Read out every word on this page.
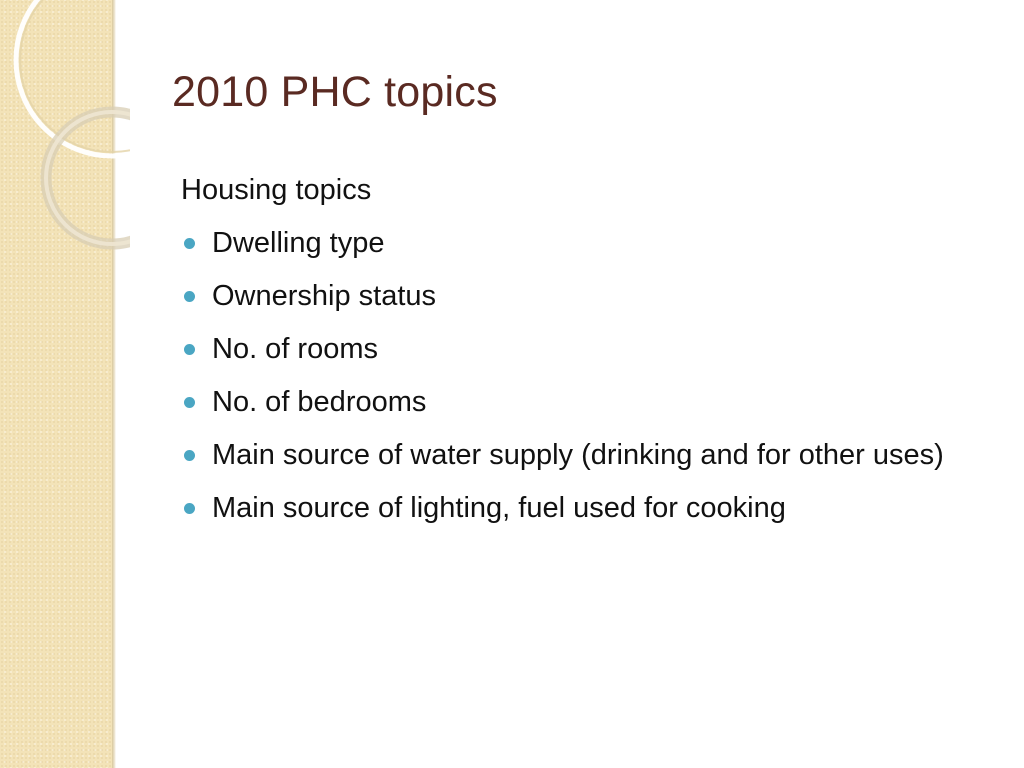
2010 PHC topics
Housing topics
Dwelling type
Ownership status
No. of rooms
No. of bedrooms
Main source of water supply (drinking and for other uses)
Main source of lighting, fuel used for cooking
